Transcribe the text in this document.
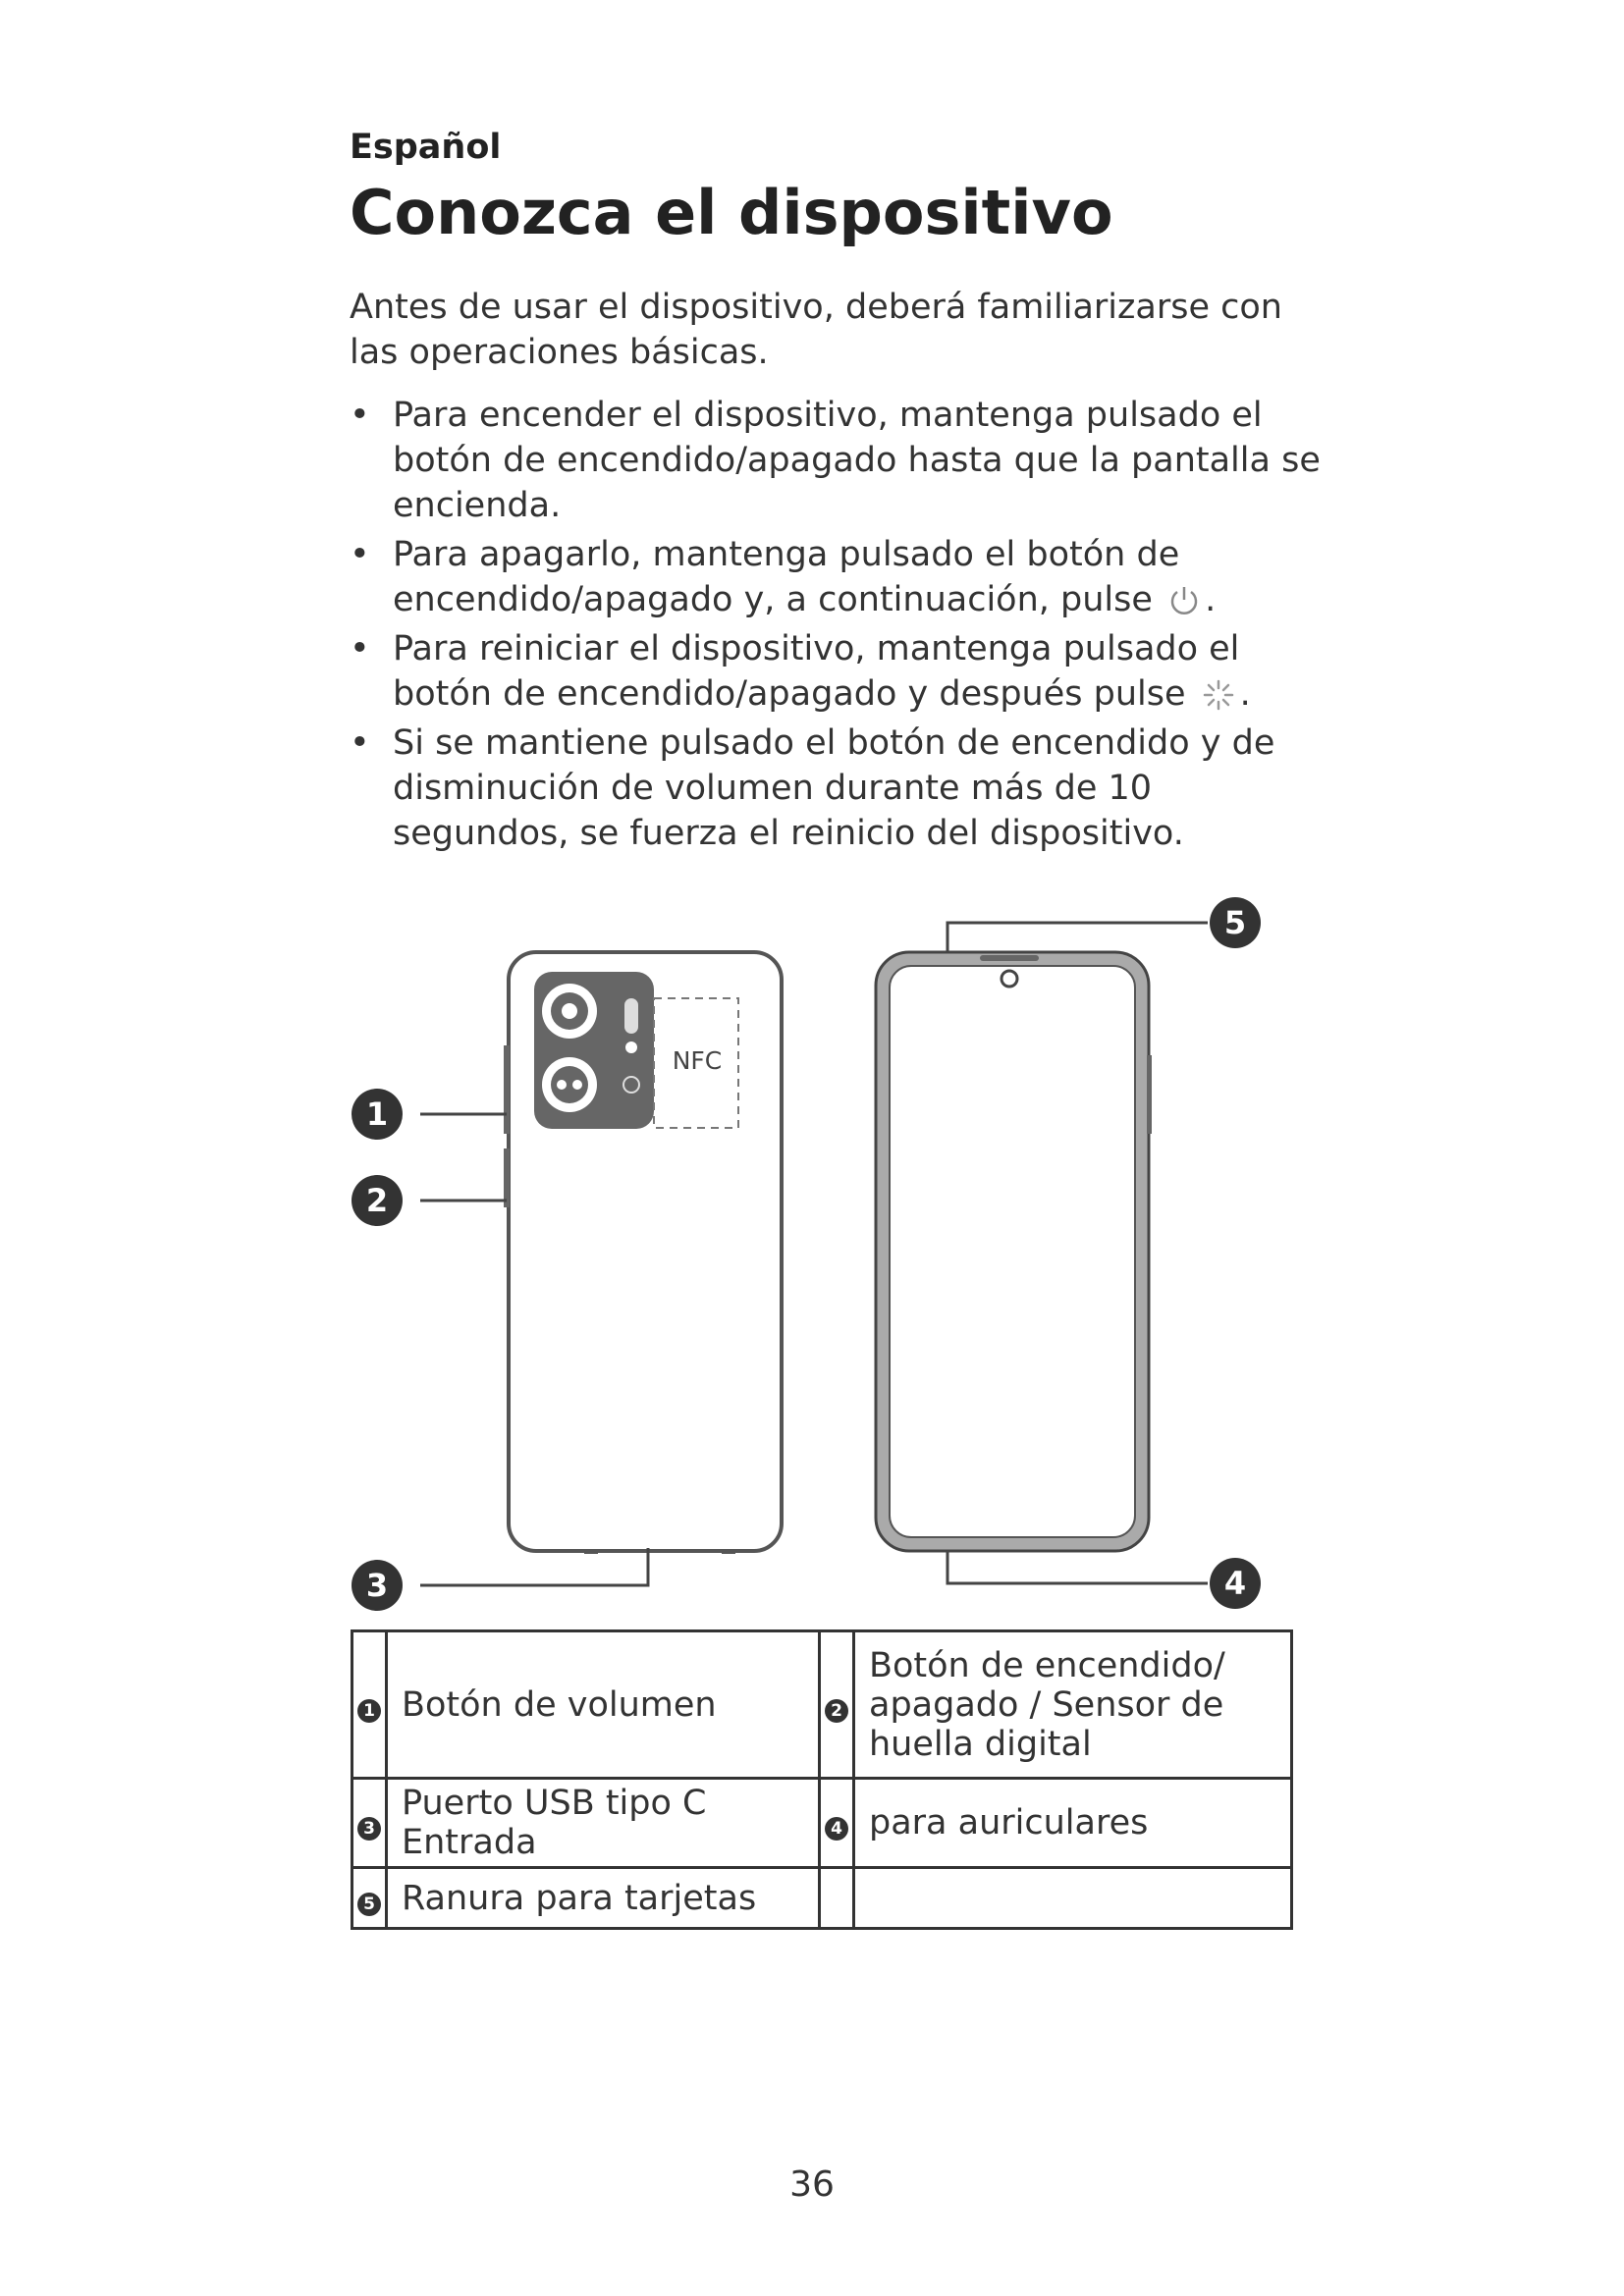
Español
Conozca el dispositivo
Antes de usar el dispositivo, deberá familiarizarse con las operaciones básicas.
• Para encender el dispositivo, mantenga pulsado el botón de encendido/apagado hasta que la pantalla se encienda.
• Para apagarlo, mantenga pulsado el botón de encendido/apagado y, a continuación, pulse .
• Para reiniciar el dispositivo, mantenga pulsado el botón de encendido/apagado y después pulse .
• Si se mantiene pulsado el botón de encendido y de disminución de volumen durante más de 10 segundos, se fuerza el reinicio del dispositivo.
NFC
1
2
3	4
5
1	Botón de volumen	2	Botón de encendido/ apagado / Sensor de huella digital
3	Puerto USB tipo C Entrada	4	para auriculares
5	Ranura para tarjetas		
36
